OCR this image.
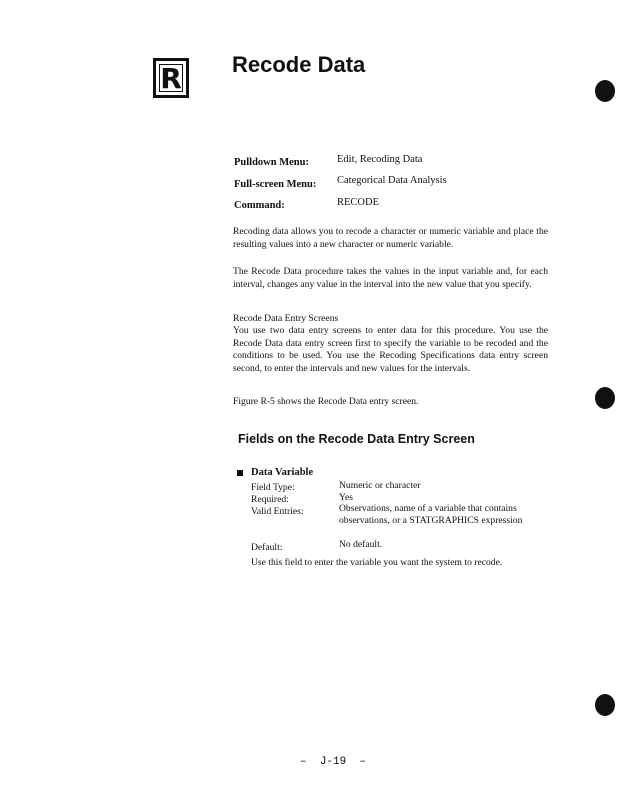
R	Recode Data
Pulldown Menu:	Edit, Recoding Data
Full-screen Menu: Categorical Data Analysis
Command:	RECODE
Recoding data allows you to recode a character or numeric variable and place the resulting values into a new character or numeric variable.
The Recode Data procedure takes the values in the input variable and, for each interval, changes any value in the interval into the new value that you specify.
Recode Data Entry Screens
You use two data entry screens to enter data for this procedure. You use the Recode Data data entry screen first to specify the variable to be recoded and the conditions to be used. You use the Recoding Specifications data entry screen second, to enter the intervals and new values for the intervals.
Figure R-5 shows the Recode Data entry screen.
Fields on the Recode Data Entry Screen
Data Variable
Field Type:	Numeric or character
Required:	Yes
Valid Entries:	Observations, name of a variable that contains observations, or a STATGRAPHICS expression
Default:	No default.
Use this field to enter the variable you want the system to recode.
–  J-19  –
